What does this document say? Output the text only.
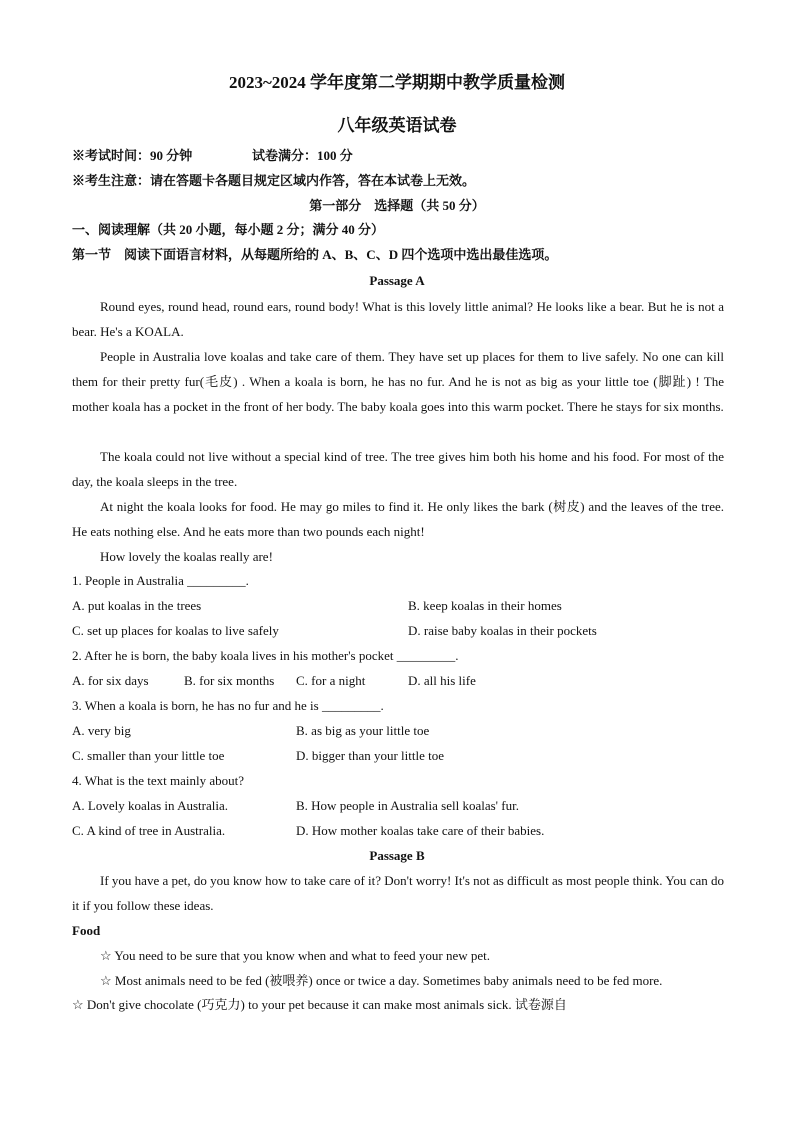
2023~2024 学年度第二学期期中教学质量检测
八年级英语试卷
※考试时间：90 分钟	试卷满分：100 分
※考生注意：请在答题卡各题目规定区域内作答，答在本试卷上无效。
第一部分　选择题（共 50 分）
一、阅读理解（共 20 小题，每小题 2 分；满分 40 分）
第一节　阅读下面语言材料，从每题所给的 A、B、C、D 四个选项中选出最佳选项。
Passage A
Round eyes, round head, round ears, round body! What is this lovely little animal? He looks like a bear. But he is not a bear. He's a KOALA.
People in Australia love koalas and take care of them. They have set up places for them to live safely. No one can kill them for their pretty fur(毛皮) . When a koala is born, he has no fur. And he is not as big as your little toe (脚趾) ! The mother koala has a pocket in the front of her body. The baby koala goes into this warm pocket. There he stays for six months.
The koala could not live without a special kind of tree. The tree gives him both his home and his food. For most of the day, the koala sleeps in the tree.
At night the koala looks for food. He may go miles to find it. He only likes the bark (树皮) and the leaves of the tree. He eats nothing else. And he eats more than two pounds each night!
How lovely the koalas really are!
1. People in Australia _________.
A. put koalas in the trees	B. keep koalas in their homes
C. set up places for koalas to live safely	D. raise baby koalas in their pockets
2. After he is born, the baby koala lives in his mother's pocket _________.
A. for six days	B. for six months C. for a night	D. all his life
3. When a koala is born, he has no fur and he is _________.
A. very big	B. as big as your little toe
C. smaller than your little toe	D. bigger than your little toe
4. What is the text mainly about?
A. Lovely koalas in Australia.	B. How people in Australia sell koalas' fur.
C. A kind of tree in Australia.	D. How mother koalas take care of their babies.
Passage B
If you have a pet, do you know how to take care of it? Don't worry! It's not as difficult as most people think. You can do it if you follow these ideas.
Food
☆ You need to be sure that you know when and what to feed your new pet.
☆ Most animals need to be fed (被喂养) once or twice a day. Sometimes baby animals need to be fed more.
☆ Don't give chocolate (巧克力) to your pet because it can make most animals sick. 试卷源自
